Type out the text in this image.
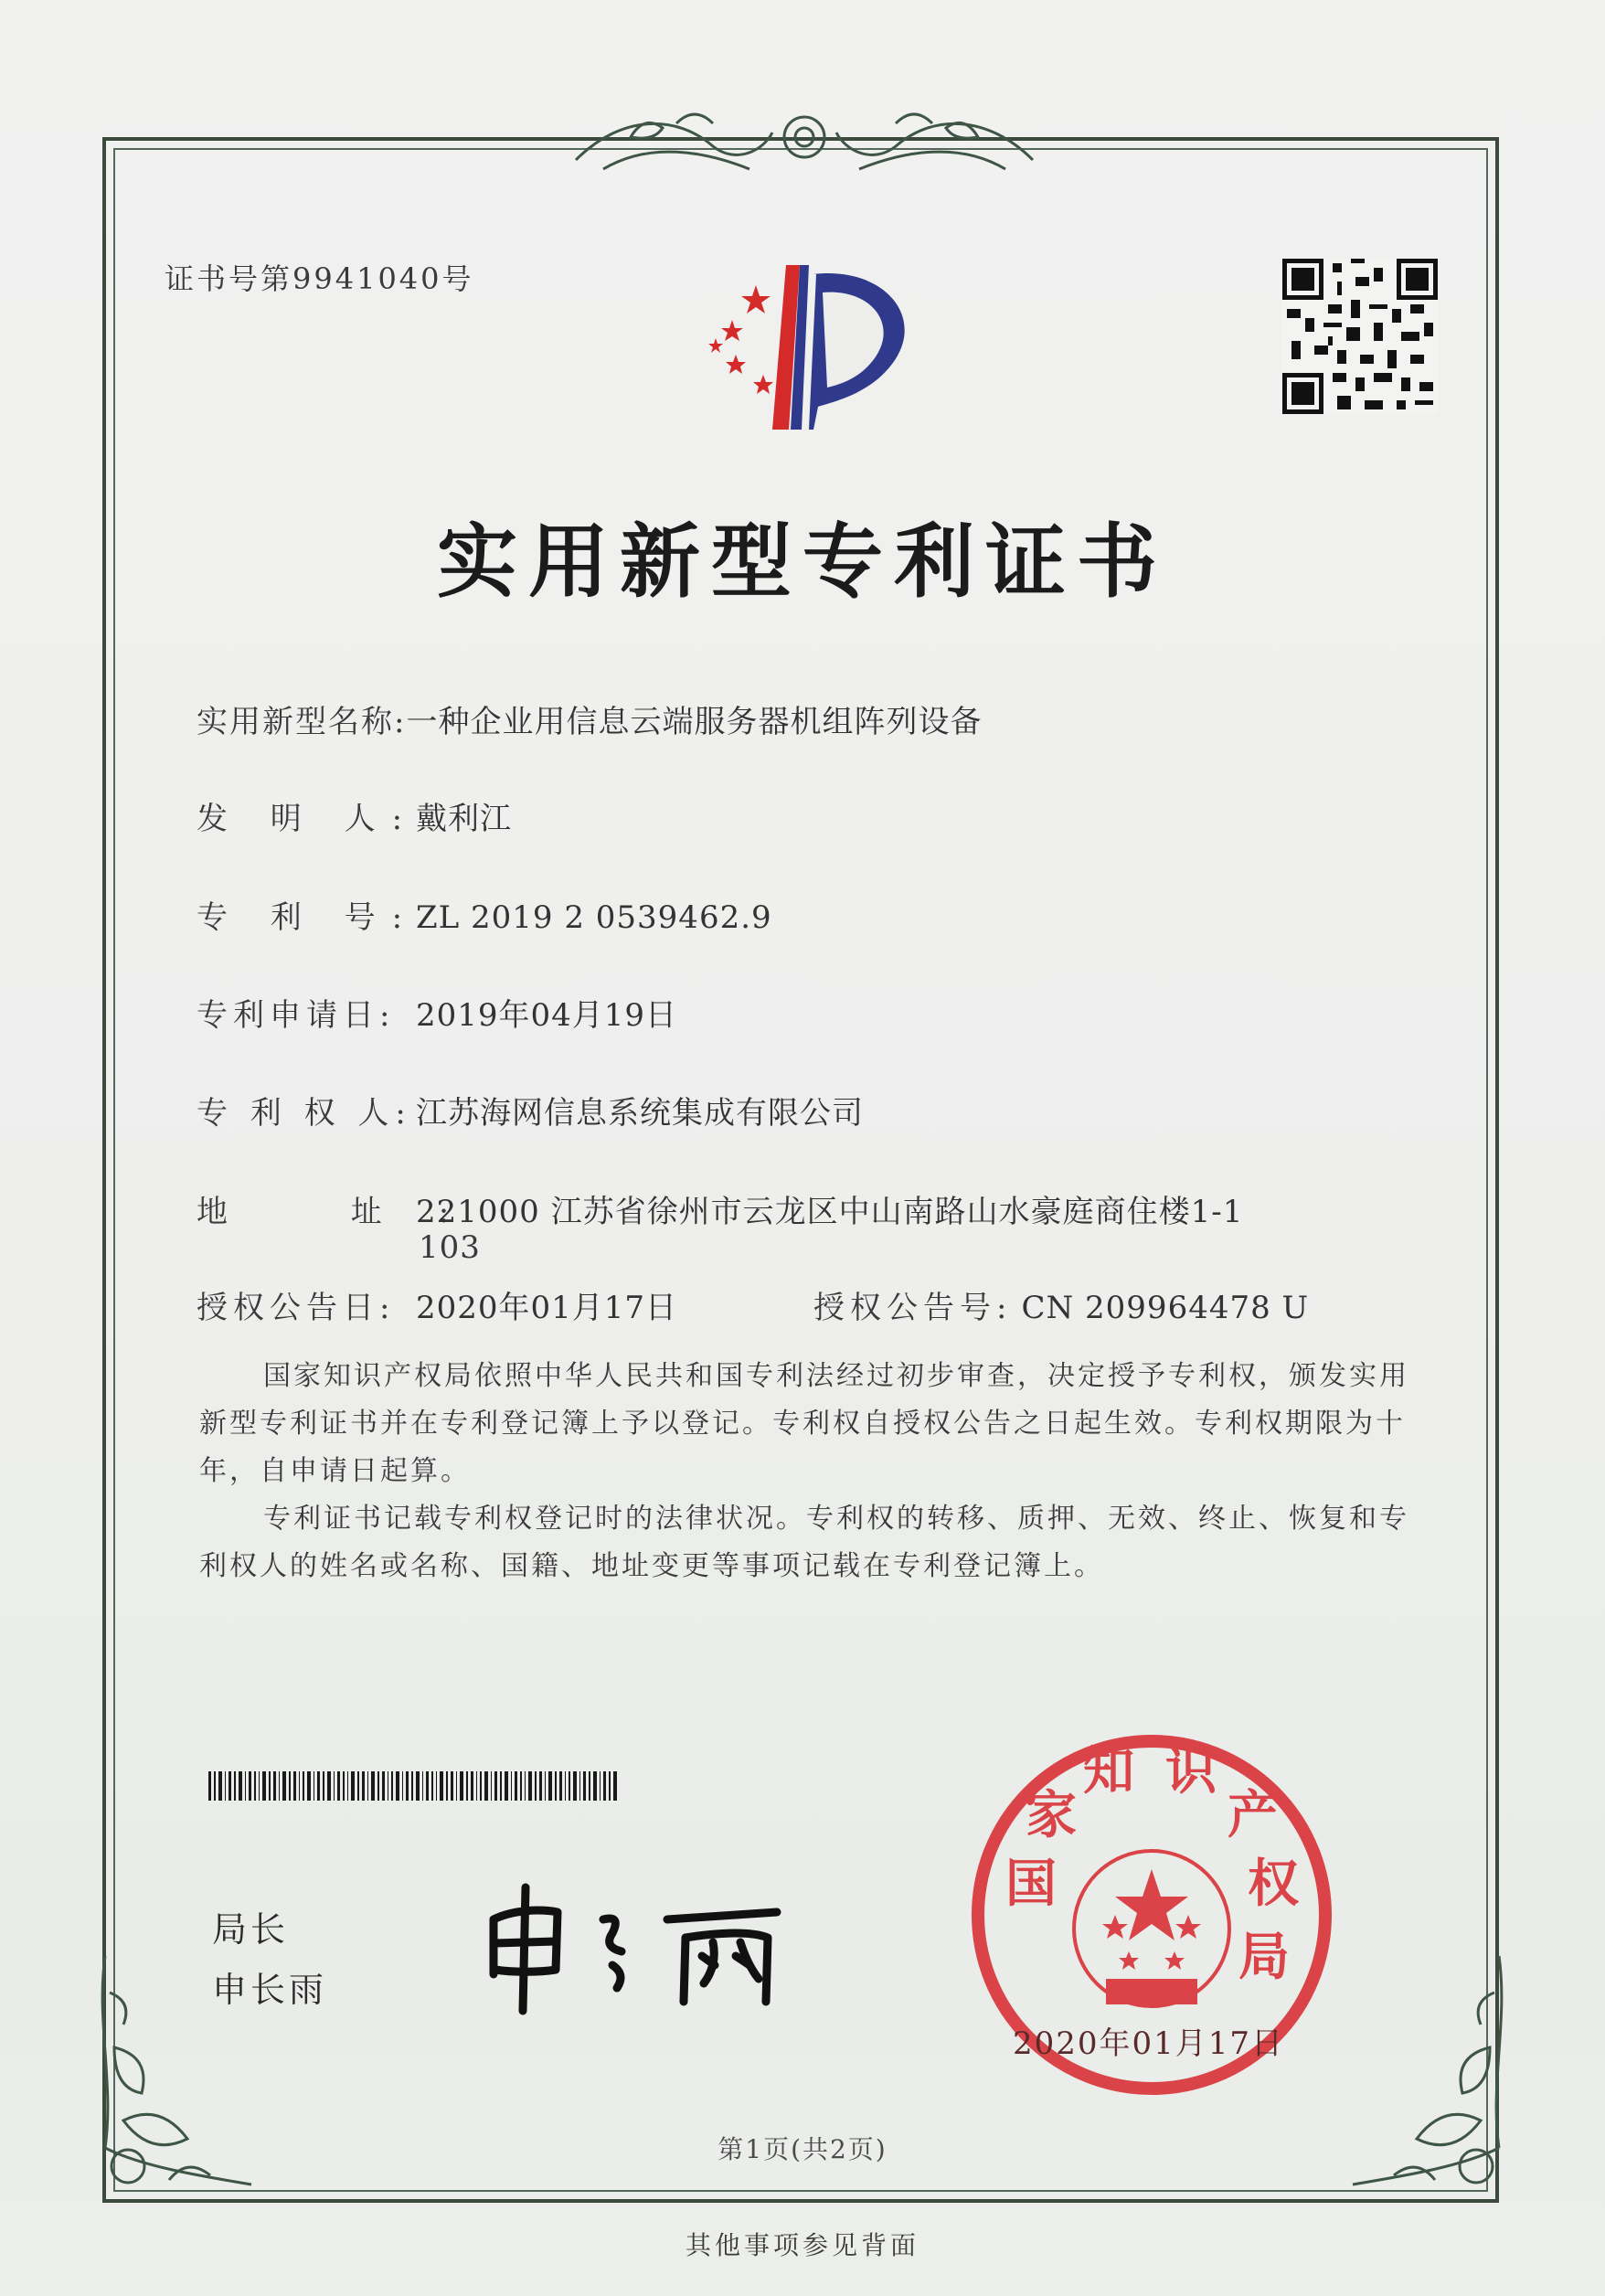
证书号第9941040号
实用新型专利证书
实用新型名称:一种企业用信息云端服务器机组阵列设备
发 明 人:戴利江
专 利 号:ZL 2019 2 0539462.9
专利申请日: 2019年04月19日
专 利 权 人: 江苏海网信息系统集成有限公司
地 址:221000 江苏省徐州市云龙区中山南路山水豪庭商住楼1-1
103
授权公告日: 2020年01月17日	授权公告号: CN 209964478 U
国家知识产权局依照中华人民共和国专利法经过初步审查，决定授予专利权，颁发实用新型专利证书并在专利登记簿上予以登记。专利权自授权公告之日起生效。专利权期限为十年，自申请日起算。
专利证书记载专利权登记时的法律状况。专利权的转移、质押、无效、终止、恢复和专利权人的姓名或名称、国籍、地址变更等事项记载在专利登记簿上。
局长
申长雨
国
家
知 识
产
权
局
2020年01月17日
第1页(共2页)
其他事项参见背面
